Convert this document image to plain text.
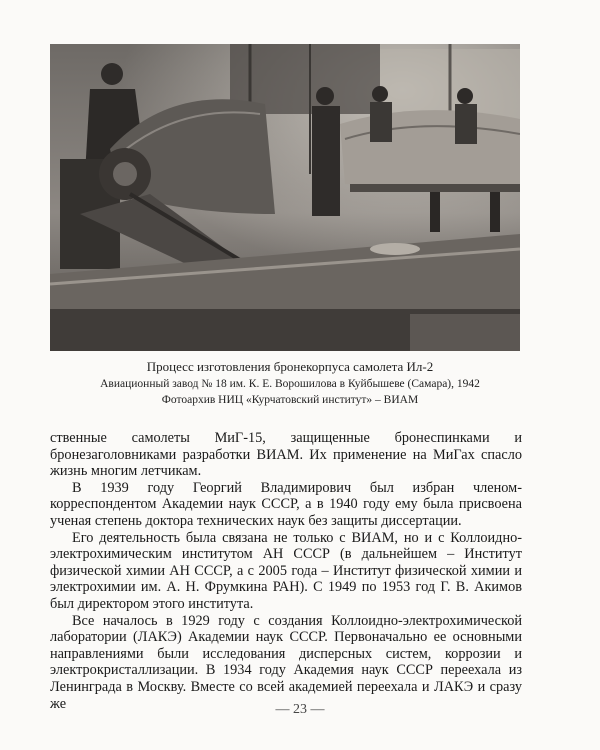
Процесс изготовления бронекорпуса самолета Ил-2
Авиационный завод № 18 им. К. Е. Ворошилова в Куйбышеве (Самара), 1942
Фотоархив НИЦ «Курчатовский институт» – ВИАМ

ственные самолеты МиГ-15, защищенные бронеспинками и бронезаголовниками разработки ВИАМ. Их применение на МиГах спасло жизнь многим летчикам.

В 1939 году Георгий Владимирович был избран членом-корреспондентом Академии наук СССР, а в 1940 году ему была присвоена ученая степень доктора технических наук без защиты диссертации.

Его деятельность была связана не только с ВИАМ, но и с Коллоидно-электрохимическим институтом АН СССР (в дальнейшем – Институт физической химии АН СССР, а с 2005 года – Институт физической химии и электрохимии им. А. Н. Фрумкина РАН). С 1949 по 1953 год Г. В. Акимов был директором этого института.

Все началось в 1929 году с создания Коллоидно-электрохимической лаборатории (ЛАКЭ) Академии наук СССР. Первоначально ее основными направлениями были исследования дисперсных систем, коррозии и электрокристаллизации. В 1934 году Академия наук СССР переехала из Ленинграда в Москву. Вместе со всей академией переехала и ЛАКЭ и сразу же	— 23 —
